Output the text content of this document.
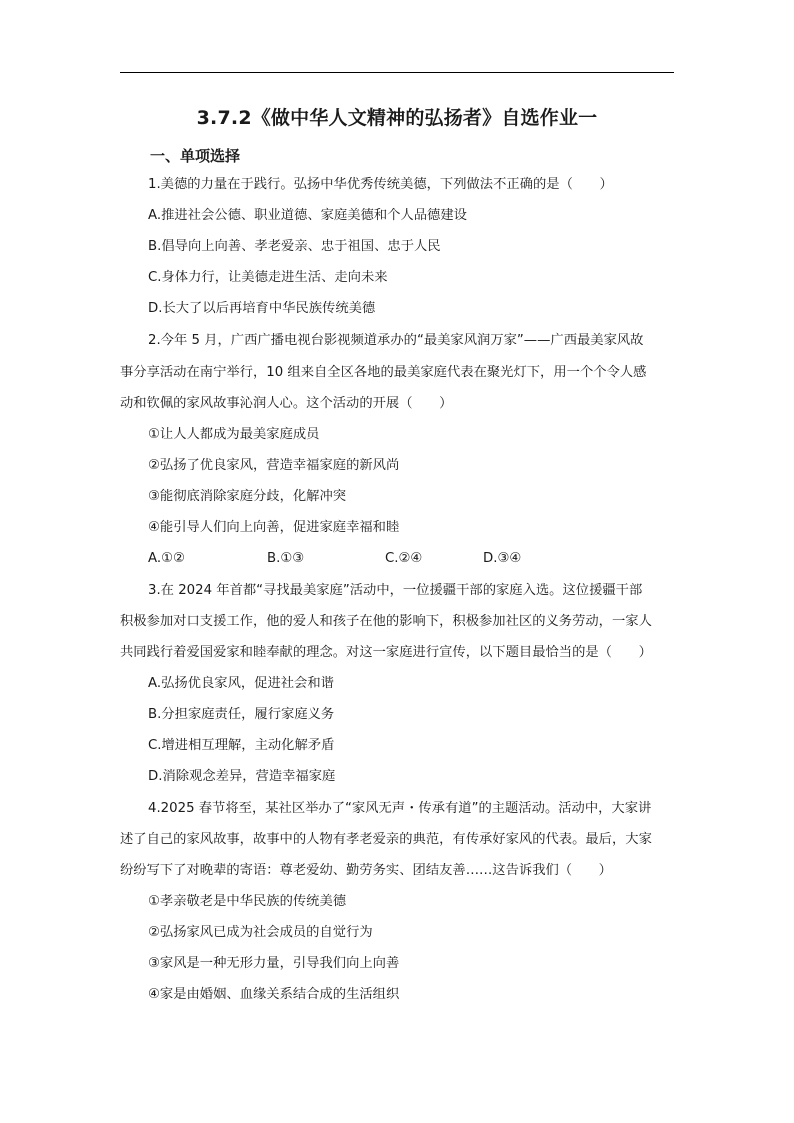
3.7.2《做中华人文精神的弘扬者》自选作业一
一、单项选择
1.美德的力量在于践行。弘扬中华优秀传统美德，下列做法不正确的是（　　）
A.推进社会公德、职业道德、家庭美德和个人品德建设
B.倡导向上向善、孝老爱亲、忠于祖国、忠于人民
C.身体力行，让美德走进生活、走向未来
D.长大了以后再培育中华民族传统美德
2.今年 5 月，广西广播电视台影视频道承办的“最美家风润万家”——广西最美家风故
事分享活动在南宁举行，10 组来自全区各地的最美家庭代表在聚光灯下，用一个个令人感
动和钦佩的家风故事沁润人心。这个活动的开展（　　）
①让人人都成为最美家庭成员
②弘扬了优良家风，营造幸福家庭的新风尚
③能彻底消除家庭分歧，化解冲突
④能引导人们向上向善，促进家庭幸福和睦
A.①②	B.①③	C.②④	D.③④
3.在 2024 年首都“寻找最美家庭”活动中，一位援疆干部的家庭入选。这位援疆干部
积极参加对口支援工作，他的爱人和孩子在他的影响下，积极参加社区的义务劳动，一家人
共同践行着爱国爱家和睦奉献的理念。对这一家庭进行宣传，以下题目最恰当的是（　　）
A.弘扬优良家风，促进社会和谐
B.分担家庭责任，履行家庭义务
C.增进相互理解，主动化解矛盾
D.消除观念差异，营造幸福家庭
4.2025 春节将至，某社区举办了“家风无声・传承有道”的主题活动。活动中，大家讲
述了自己的家风故事，故事中的人物有孝老爱亲的典范，有传承好家风的代表。最后，大家
纷纷写下了对晚辈的寄语：尊老爱幼、勤劳务实、团结友善……这告诉我们（　　）
①孝亲敬老是中华民族的传统美德
②弘扬家风已成为社会成员的自觉行为
③家风是一种无形力量，引导我们向上向善
④家是由婚姻、血缘关系结合成的生活组织
